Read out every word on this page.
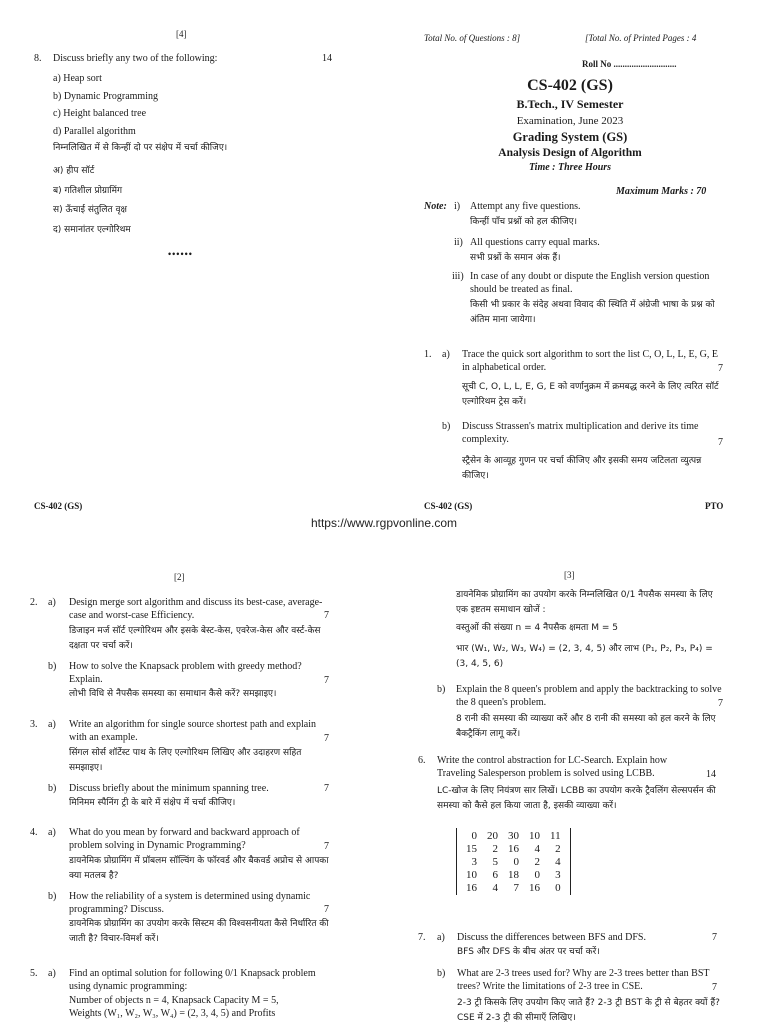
[4]	Total No. of Questions : 8]	[Total No. of Printed Pages : 4
Roll No ............................
8. Discuss briefly any two of the following:	14
a) Heap sort
b) Dynamic Programming
c) Height balanced tree
d) Parallel algorithm
निम्नलिखित में से किन्हीं दो पर संक्षेप में चर्चा कीजिए।
अ) हीप सॉर्ट
ब) गतिशील प्रोग्रामिंग
स) ऊँचाई संतुलित वृक्ष
द) समानांतर एल्गोरिथम
••••••
CS-402 (GS)
B.Tech., IV Semester
Examination, June 2023
Grading System (GS)
Analysis Design of Algorithm
Time : Three Hours
Maximum Marks : 70
Note: i) Attempt any five questions.
किन्हीं पाँच प्रश्नों को हल कीजिए।
ii) All questions carry equal marks.
सभी प्रश्नों के समान अंक हैं।
iii) In case of any doubt or dispute the English version question should be treated as final.
किसी भी प्रकार के संदेह अथवा विवाद की स्थिति में अंग्रेजी भाषा के प्रश्न को अंतिम माना जायेगा।
1. a) Trace the quick sort algorithm to sort the list C, O, L, L, E, G, E in alphabetical order.	7
सूची C, O, L, L, E, G, E को वर्णानुक्रम में क्रमबद्ध करने के लिए त्वरित सॉर्ट एल्गोरिथम ट्रेस करें।
b) Discuss Strassen's matrix multiplication and derive its time complexity.	7
स्ट्रैसेन के आव्यूह गुणन पर चर्चा कीजिए और इसकी समय जटिलता व्युत्पन्न कीजिए।
CS-402 (GS)	CS-402 (GS)	PTO
https://www.rgpvonline.com
[2]	[3]
2. a) Design merge sort algorithm and discuss its best-case, average-case and worst-case Efficiency.	7
डिजाइन मर्ज सॉर्ट एल्गोरिथम और इसके बेस्ट-केस, एवरेज-केस और वर्स्ट-केस दक्षता पर चर्चा करें।
b) How to solve the Knapsack problem with greedy method? Explain.	7
लोभी विधि से नैपसैक समस्या का समाधान कैसे करें? समझाइए।
3. a) Write an algorithm for single source shortest path and explain with an example.	7
सिंगल सोर्स शॉर्टेस्ट पाथ के लिए एल्गोरिथम लिखिए और उदाहरण सहित समझाइए।
b) Discuss briefly about the minimum spanning tree.	7
मिनिमम स्पैनिंग ट्री के बारे में संक्षेप में चर्चा कीजिए।
4. a) What do you mean by forward and backward approach of problem solving in Dynamic Programming?	7
डायनेमिक प्रोग्रामिंग में प्रॉबलम सॉल्विंग के फॉरवर्ड और बैकवर्ड अप्रोच से आपका क्या मतलब है?
b) How the reliability of a system is determined using dynamic programming? Discuss.	7
डायनेमिक प्रोग्रामिंग का उपयोग करके सिस्टम की विश्वसनीयता कैसे निर्धारित की जाती है? विचार-विमर्श करें।
5. a) Find an optimal solution for following 0/1 Knapsack problem using dynamic programming:
Number of objects n = 4, Knapsack Capacity M = 5,
Weights (W₁, W₂, W₃, W₄) = (2, 3, 4, 5) and Profits
डायनेमिक प्रोग्रामिंग का उपयोग करके निम्नलिखित 0/1 नैपसैक समस्या के लिए एक इष्टतम समाधान खोजें :
वस्तुओं की संख्या n = 4 नैपसैक क्षमता M = 5
भार (W₁, W₂, W₃, W₄) = (2, 3, 4, 5) और लाभ (P₁, P₂, P₃, P₄) = (3, 4, 5, 6)
b) Explain the 8 queen's problem and apply the backtracking to solve the 8 queen's problem.	7
8 रानी की समस्या की व्याख्या करें और 8 रानी की समस्या को हल करने के लिए बैकट्रैकिंग लागू करें।
6. Write the control abstraction for LC-Search. Explain how Traveling Salesperson problem is solved using LCBB.	14
LC-खोज के लिए नियंत्रण सार लिखें। LCBB का उपयोग करके ट्रैवलिंग सेल्सपर्सन की समस्या को कैसे हल किया जाता है, इसकी व्याख्या करें।
0	20	30	10	11
15	2	16	4	2
3	5	0	2	4
10	6	18	0	3
16	4	7	16	0
7. a) Discuss the differences between BFS and DFS.	7
BFS और DFS के बीच अंतर पर चर्चा करें।
b) What are 2-3 trees used for? Why are 2-3 trees better than BST trees? Write the limitations of 2-3 tree in CSE.	7
2-3 ट्री किसके लिए उपयोग किए जाते हैं? 2-3 ट्री BST के ट्री से बेहतर क्यों हैं? CSE में 2-3 ट्री की सीमाएँ लिखिए।
